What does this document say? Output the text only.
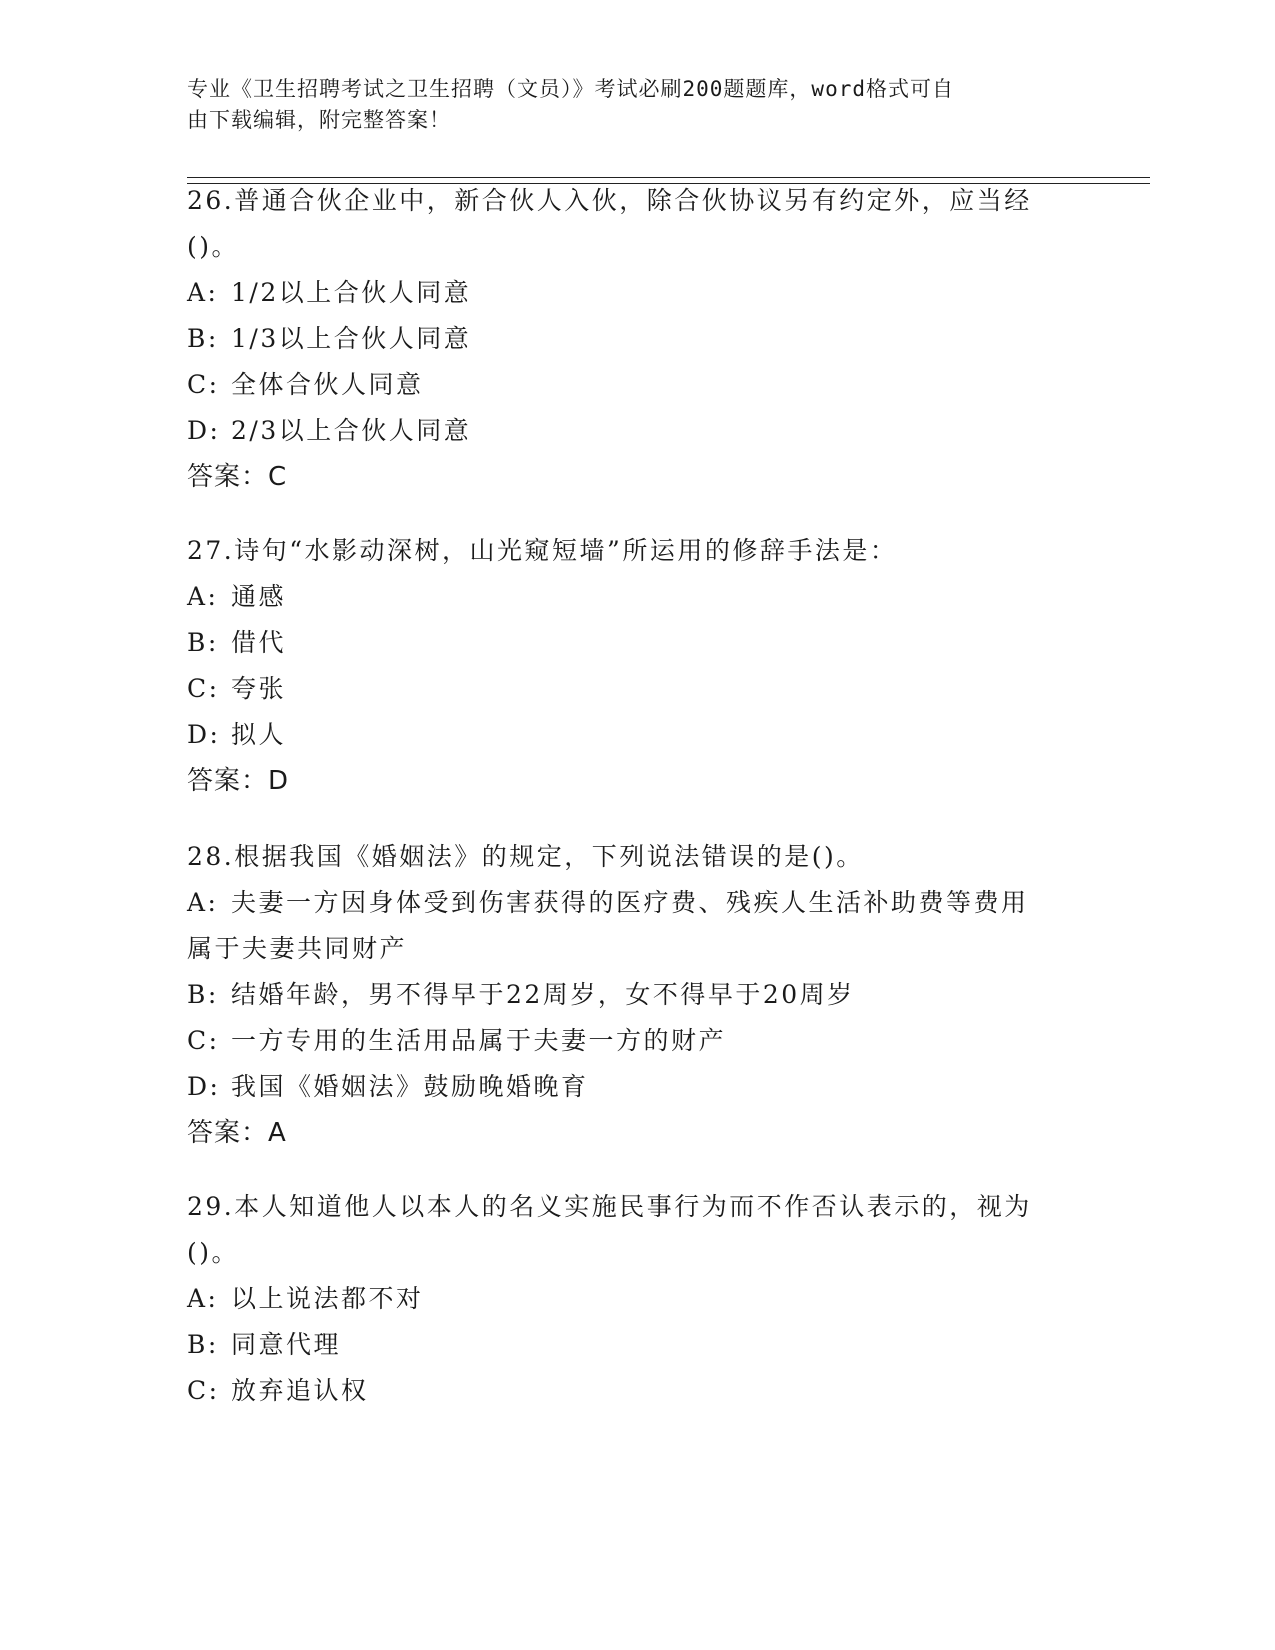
专业《卫生招聘考试之卫生招聘（文员）》考试必刷200题题库，word格式可自
由下载编辑，附完整答案！
26.普通合伙企业中，新合伙人入伙，除合伙协议另有约定外，应当经
()。
A: 1/2以上合伙人同意
B: 1/3以上合伙人同意
C: 全体合伙人同意
D: 2/3以上合伙人同意
答案：C
27.诗句“水影动深树，山光窥短墙”所运用的修辞手法是：
A: 通感
B: 借代
C: 夸张
D: 拟人
答案：D
28.根据我国《婚姻法》的规定，下列说法错误的是()。
A: 夫妻一方因身体受到伤害获得的医疗费、残疾人生活补助费等费用
属于夫妻共同财产
B: 结婚年龄，男不得早于22周岁，女不得早于20周岁
C: 一方专用的生活用品属于夫妻一方的财产
D: 我国《婚姻法》鼓励晚婚晚育
答案：A
29.本人知道他人以本人的名义实施民事行为而不作否认表示的，视为
()。
A: 以上说法都不对
B: 同意代理
C: 放弃追认权
